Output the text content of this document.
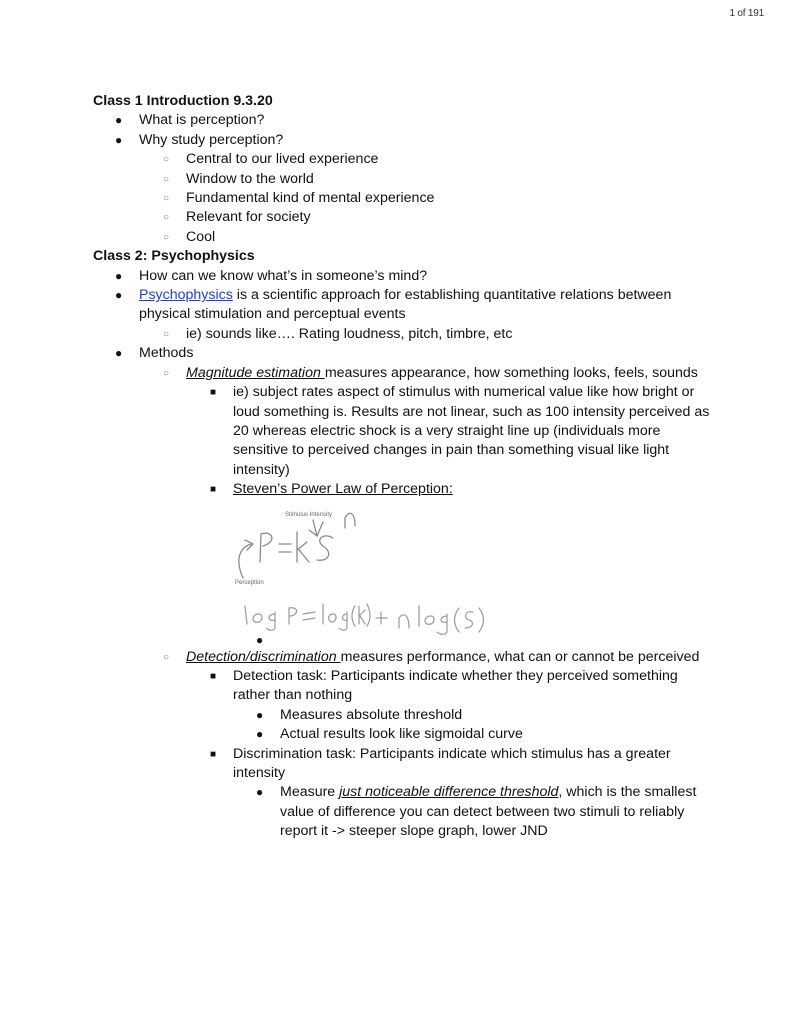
1 of 191

Class 1 Introduction 9.3.20

● What is perception?
● Why study perception?
○ Central to our lived experience
○ Window to the world
○ Fundamental kind of mental experience
○ Relevant for society
○ Cool

Class 2: Psychophysics

● How can we know what’s in someone’s mind?
● Psychophysics is a scientific approach for establishing quantitative relations between physical stimulation and perceptual events
○ ie) sounds like…. Rating loudness, pitch, timbre, etc
● Methods
○ Magnitude estimation measures appearance, how something looks, feels, sounds
■ ie) subject rates aspect of stimulus with numerical value like how bright or loud something is. Results are not linear, such as 100 intensity perceived as 20 whereas electric shock is a very straight line up (individuals more sensitive to perceived changes in pain than something visual like light intensity)
■ Steven’s Power Law of Perception:
Stimulus Intensity
Perception
●
○ Detection/discrimination measures performance, what can or cannot be perceived
■ Detection task: Participants indicate whether they perceived something rather than nothing
● Measures absolute threshold
● Actual results look like sigmoidal curve
■ Discrimination task: Participants indicate which stimulus has a greater intensity
● Measure just noticeable difference threshold, which is the smallest value of difference you can detect between two stimuli to reliably report it -> steeper slope graph, lower JND
